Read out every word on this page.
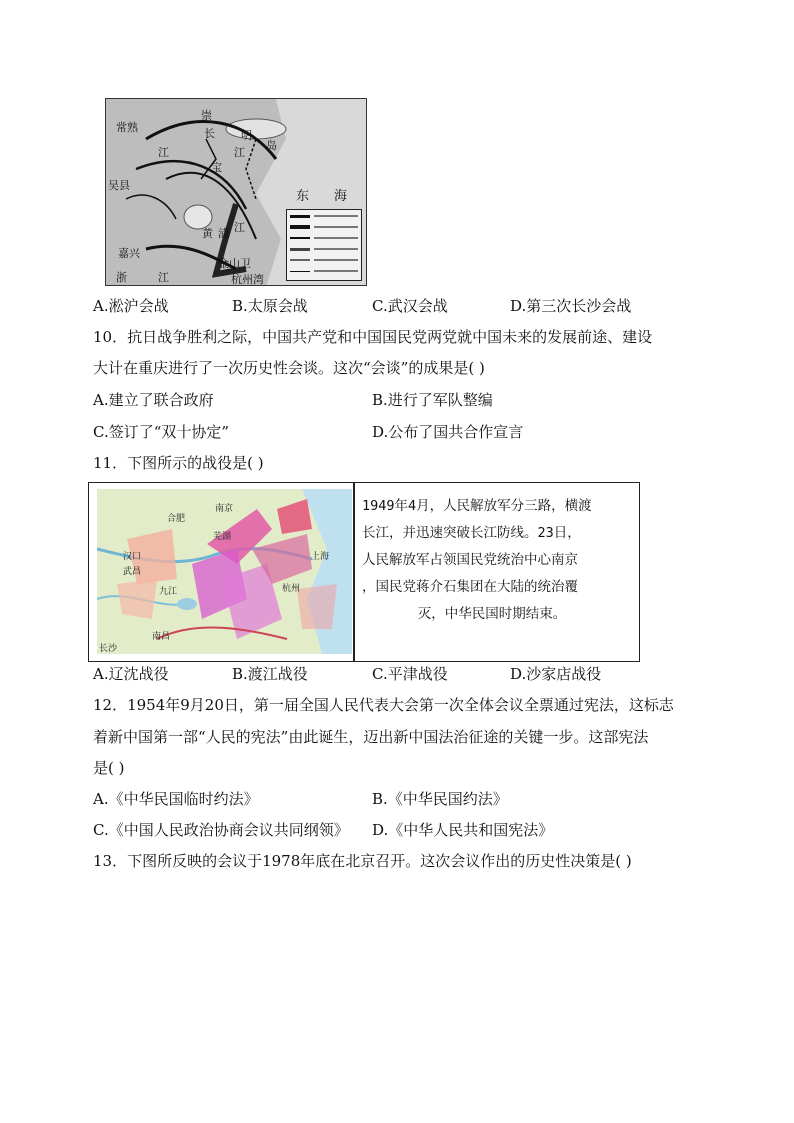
常熟
崇
长 明
岛
江	江
宝
吴县
东 海
嘉兴
黄 浦 江
浙	江
金山卫
杭州湾
A.淞沪会战	B.太原会战	C.武汉会战	D.第三次长沙会战
10．抗日战争胜利之际，中国共产党和中国国民党两党就中国未来的发展前途、建设
大计在重庆进行了一次历史性会谈。这次“会谈”的成果是( )
A.建立了联合政府	B.进行了军队整编
C.签订了“双十协定”	D.公布了国共合作宣言
11．下图所示的战役是( )
南京
合肥
汉口
武昌
九江
南昌
杭州
长沙
上海
芜湖
1949年4月，人民解放军分三路，横渡
长江，并迅速突破长江防线。23日，
人民解放军占领国民党统治中心南京
，国民党蒋介石集团在大陆的统治覆
灭，中华民国时期结束。
A.辽沈战役	B.渡江战役	C.平津战役	D.沙家店战役
12．1954年9月20日，第一届全国人民代表大会第一次全体会议全票通过宪法，这标志
着新中国第一部“人民的宪法”由此诞生，迈出新中国法治征途的关键一步。这部宪法
是( )
A.《中华民国临时约法》	B.《中华民国约法》
C.《中国人民政治协商会议共同纲领》 D.《中华人民共和国宪法》
13．下图所反映的会议于1978年底在北京召开。这次会议作出的历史性决策是( )
